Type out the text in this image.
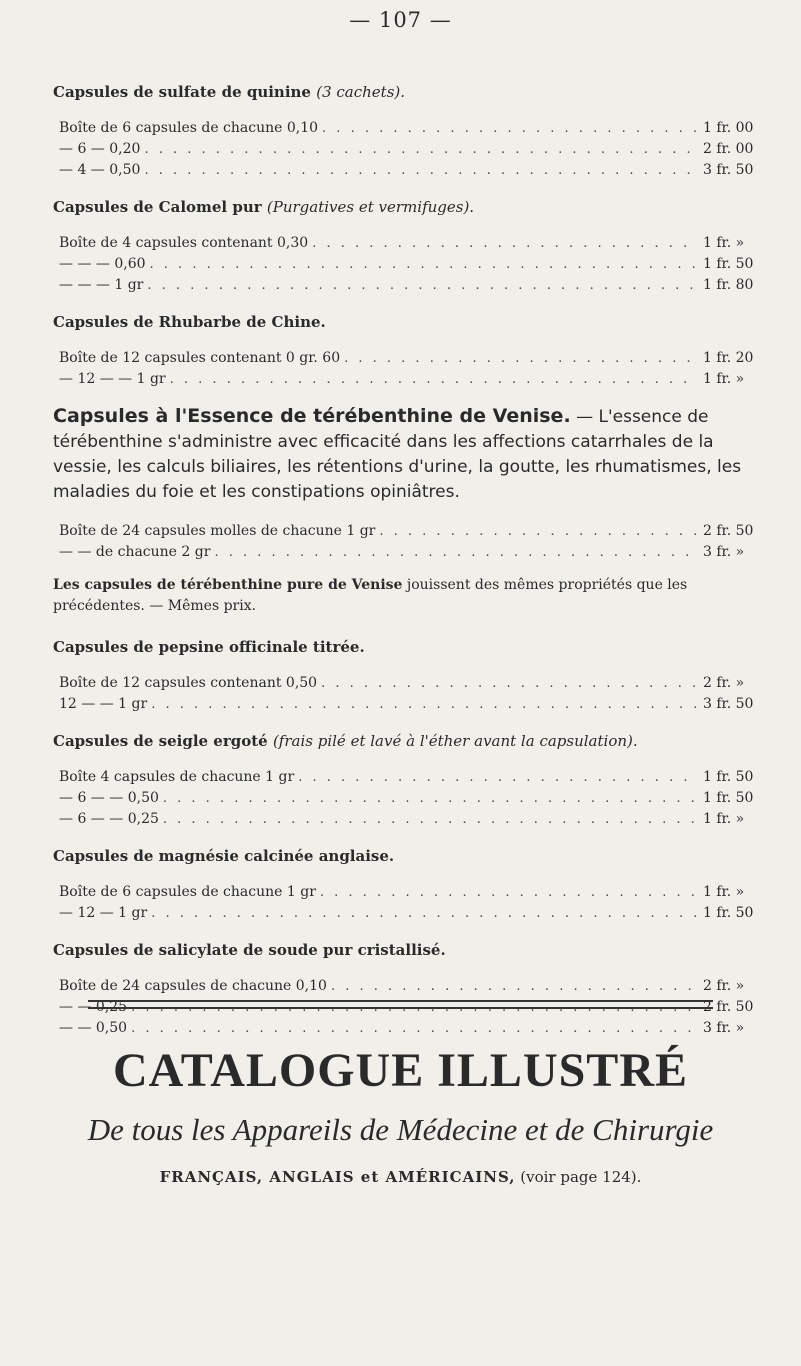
— 107 —
Capsules de sulfate de quinine (3 cachets).
Boîte de 6 capsules de chacune 0,10 . . .	1 fr. 00
— 6 — 0,20 . . .	2 fr. 00
— 4 — 0,50 . . .	3 fr. 50
Capsules de Calomel pur (Purgatives et vermifuges).
Boîte de 4 capsules contenant 0,30 . . .	1 fr. »
— — — 0,60 . . .	1 fr. 50
— — — 1 gr . . .	1 fr. 80
Capsules de Rhubarbe de Chine.
Boîte de 12 capsules contenant 0 gr. 60 . . .	1 fr. 20
— 12 — — 1 gr . . .	1 fr. »
Capsules à l'Essence de térébenthine de Venise. — L'essence de térébenthine s'administre avec efficacité dans les affections catarrhales de la vessie, les calculs biliaires, les rétentions d'urine, la goutte, les rhumatismes, les maladies du foie et les constipations opiniâtres.
Boîte de 24 capsules molles de chacune 1 gr . . .	2 fr. 50
— — de chacune 2 gr . . .	3 fr. »
Les capsules de térébenthine pure de Venise jouissent des mêmes propriétés que les précédentes. — Mêmes prix.
Capsules de pepsine officinale titrée.
Boîte de 12 capsules contenant 0,50 . . .	2 fr. »
12 — — 1 gr . . .	3 fr. 50
Capsules de seigle ergoté (frais pilé et lavé à l'éther avant la capsulation).
Boîte 4 capsules de chacune 1 gr . . .	1 fr. 50
— 6 — — 0,50 . . .	1 fr. 50
— 6 — — 0,25 . . .	1 fr. »
Capsules de magnésie calcinée anglaise.
Boîte de 6 capsules de chacune 1 gr . . .	1 fr. »
— 12 — 1 gr . . .	1 fr. 50
Capsules de salicylate de soude pur cristallisé.
Boîte de 24 capsules de chacune 0,10 . . .	2 fr. »
— — 0,25 . . .	2 fr. 50
— — 0,50 . . .	3 fr. »
CATALOGUE ILLUSTRÉ
De tous les Appareils de Médecine et de Chirurgie
FRANÇAIS, ANGLAIS et AMÉRICAINS, (voir page 124).
